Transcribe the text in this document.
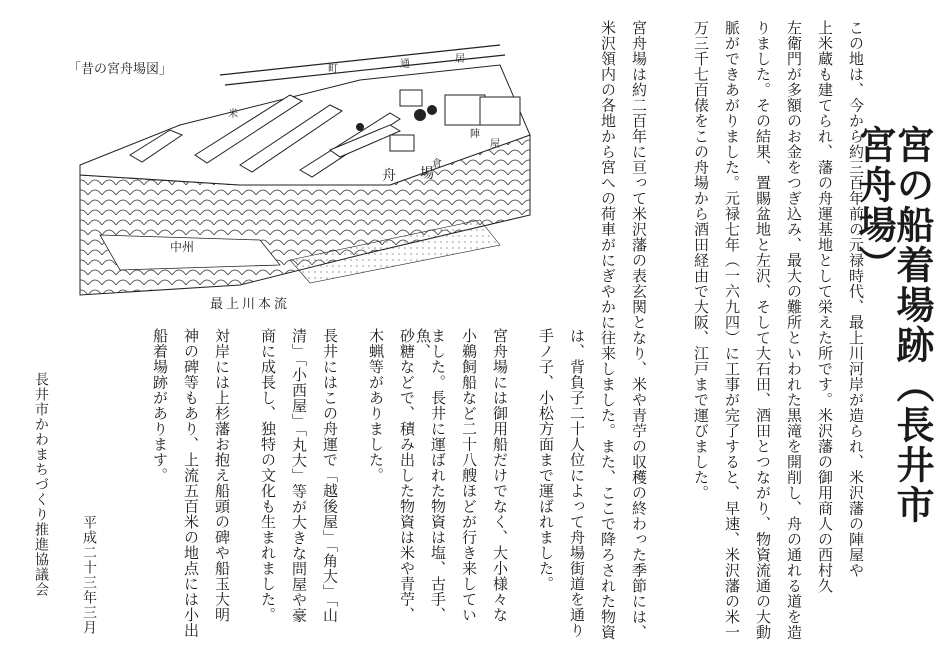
宮の船着場跡（長井市宮舟場）
この地は、今から約三百年前の元禄時代、最上川河岸が造られ、米沢藩の陣屋や
上米蔵も建てられ、藩の舟運基地として栄えた所です。米沢藩の御用商人の西村久
左衛門が多額のお金をつぎ込み、最大の難所といわれた黒滝を開削し、舟の通れる道を造
りました。その結果、置賜盆地と左沢、そして大石田、酒田とつながり、物資流通の大動
脈ができあがりました。元禄七年（一六九四）に工事が完了すると、早速、米沢藩の米一
万三千七百俵をこの舟場から酒田経由で大阪、江戸まで運びました。
宮舟場は約二百年に亘って米沢藩の表玄関となり、米や青苧の収穫の終わった季節には、
米沢領内の各地から宮への荷車がにぎやかに往来しました。また、ここで降ろされた物資
は、背負子二十人位によって舟場街道を通り
手ノ子、小松方面まで運ばれました。
宮舟場には御用船だけでなく、大小様々な
小鵜飼船など二十八艘ほどが行き来してい
ました。長井に運ばれた物資は塩、古手、魚、
砂糖などで、積み出した物資は米や青苧、
木蝋等がありました。
長井にはこの舟運で「越後屋」「角大」「山
清」「小西屋」「丸大」等が大きな問屋や豪
商に成長し、独特の文化も生まれました。
対岸には上杉藩お抱え船頭の碑や船玉大明
神の碑等もあり、上流五百米の地点には小出
船着場跡があります。
平成二十三年三月
長井市かわまちづくり推進協議会
町	通	居
米
倉
陣
屋
舟 場
中州
「昔の宮舟場図」
最上川本流
